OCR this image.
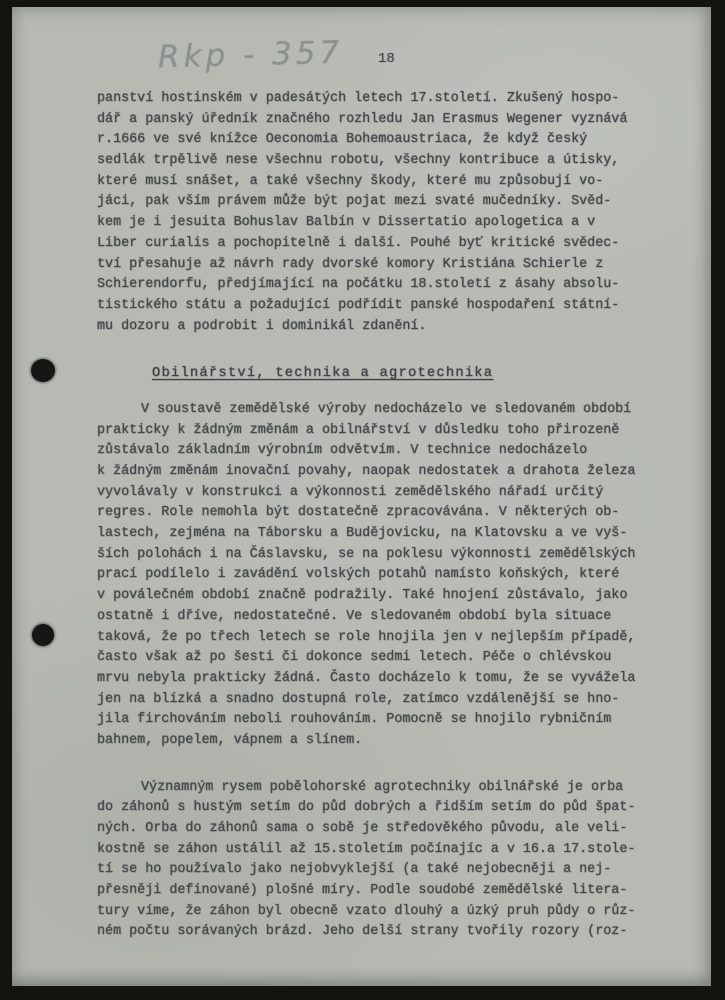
Rkp - 357 18
panství hostinském v padesátých letech 17.století. Zkušený hospo-
dář a panský úředník značného rozhledu Jan Erasmus Wegener vyznává
r.1666 ve své knížce Oeconomia Bohemoaustriaca, že když český
sedlák trpělivě nese všechnu robotu, všechny kontribuce a útisky,
které musí snášet, a také všechny škody, které mu způsobují vo-
jáci, pak vším právem může být pojat mezi svaté mučedníky. Svěd-
kem je i jesuita Bohuslav Balbín v Dissertatio apologetica a v
Liber curialis a pochopitelně i další. Pouhé byť kritické svědec-
tví přesahuje až návrh rady dvorské komory Kristiána Schierle z
Schierendorfu, předjímající na počátku 18.století z ásahy absolu-
tistického státu a požadující podřídit panské hospodaření státní-
mu dozoru a podrobit i dominikál zdanění.
Obilnářství, technika a agrotechnika
V soustavě zemědělské výroby nedocházelo ve sledovaném období
prakticky k žádným změnám a obilnářství v důsledku toho přirozeně
zůstávalo základním výrobním odvětvím. V technice nedocházelo
k žádným změnám inovační povahy, naopak nedostatek a drahota železa
vyvolávaly v konstrukci a výkonnosti zemědělského nářadí určitý
regres. Role nemohla být dostatečně zpracovávána. V některých ob-
lastech, zejména na Táborsku a Budějovicku, na Klatovsku a ve vyš-
ších polohách i na Čáslavsku, se na poklesu výkonnosti zemědělských
prací podílelo i zavádění volských potahů namísto koňských, které
v poválečném období značně podražily. Také hnojení zůstávalo, jako
ostatně i dříve, nedostatečné. Ve sledovaném období byla situace
taková, že po třech letech se role hnojila jen v nejlepším případě,
často však až po šesti či dokonce sedmi letech. Péče o chlévskou
mrvu nebyla prakticky žádná. Často docházelo k tomu, že se vyvážela
jen na blízká a snadno dostupná role, zatímco vzdálenější se hno-
jila firchováním neboli rouhováním. Pomocně se hnojilo rybničním
bahnem, popelem, vápnem a slínem.
Významným rysem pobělohorské agrotechniky obilnářské je orba
do záhonů s hustým setím do půd dobrých a řidším setím do půd špat-
ných. Orba do záhonů sama o sobě je středověkého původu, ale veli-
kostně se záhon ustálil až 15.stoletím počínajíc a v 16.a 17.stole-
tí se ho používalo jako nejobvyklejší (a také nejobecněji a nej-
přesněji definované) plošné míry. Podle soudobé zemědělské litera-
tury víme, že záhon byl obecně vzato dlouhý a úzký pruh půdy o růz-
ném počtu sorávaných brázd. Jeho delší strany tvořily rozory (roz-
